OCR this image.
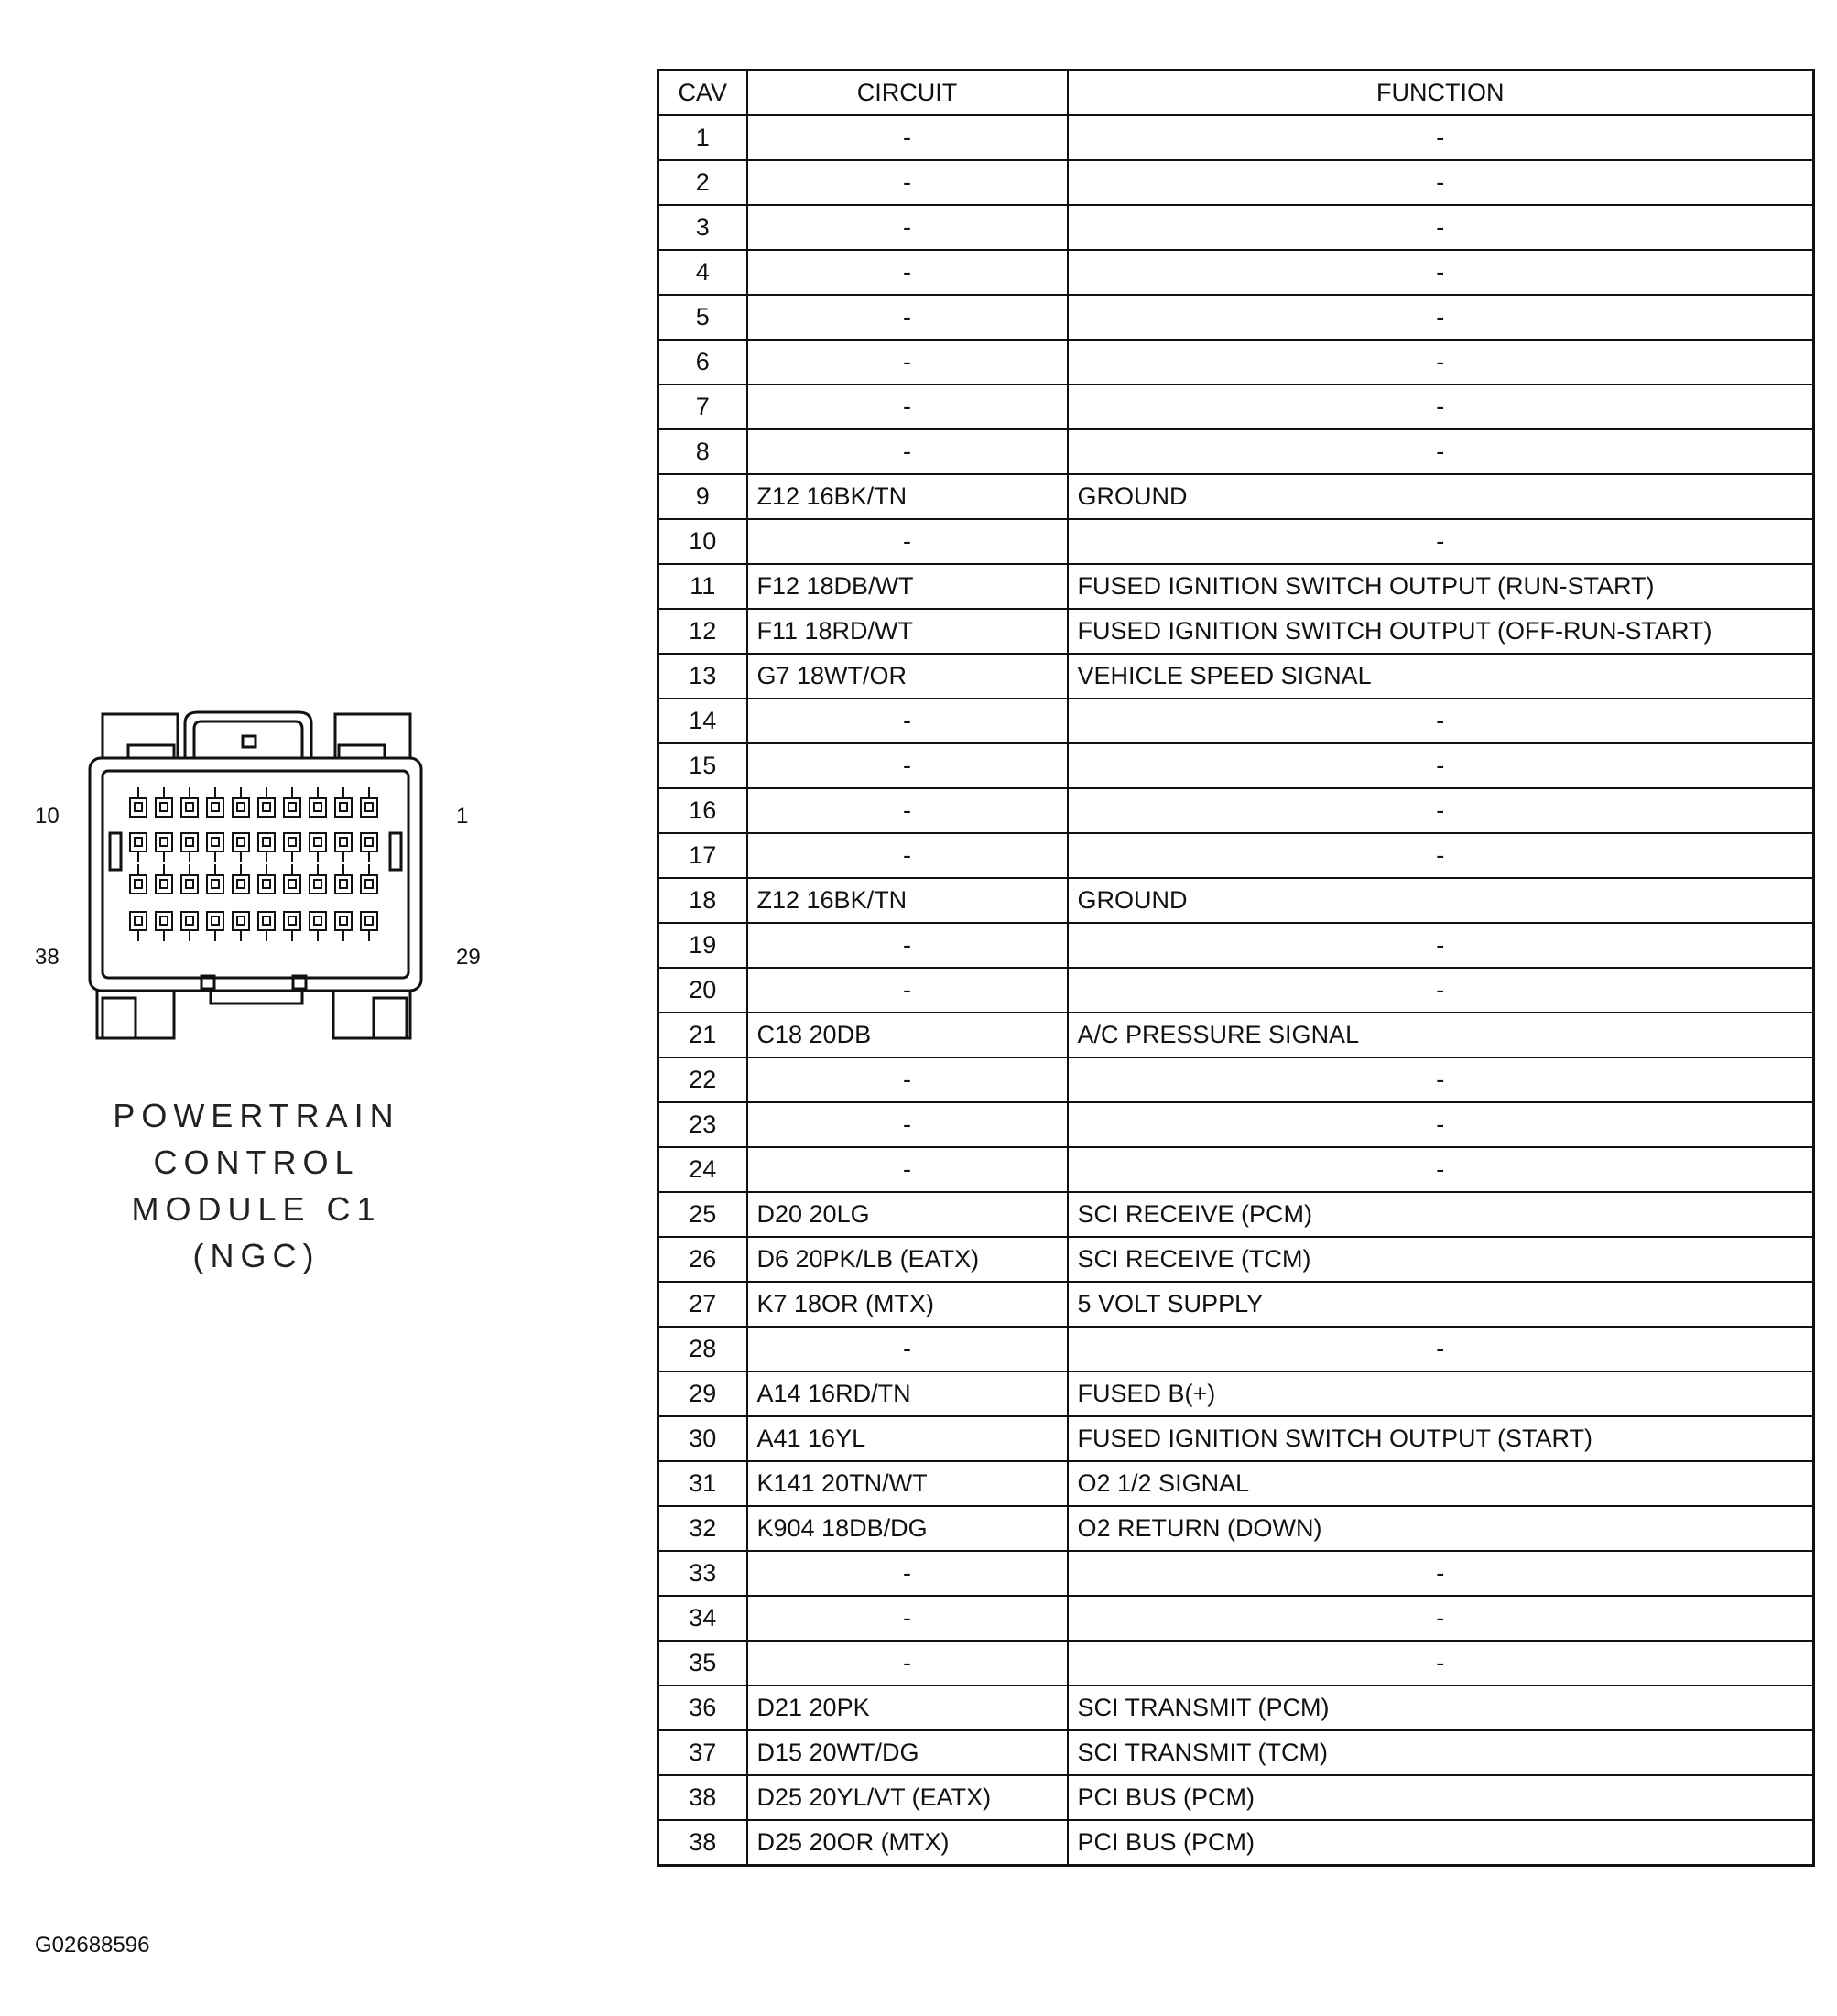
10	1
38	29
POWERTRAIN
CONTROL
MODULE C1
(NGC)
G02688596
CAV	CIRCUIT	FUNCTION
1	-	-
2	-	-
3	-	-
4	-	-
5	-	-
6	-	-
7	-	-
8	-	-
9	Z12 16BK/TN	GROUND
10	-	-
11	F12 18DB/WT	FUSED IGNITION SWITCH OUTPUT (RUN-START)
12	F11 18RD/WT	FUSED IGNITION SWITCH OUTPUT (OFF-RUN-START)
13	G7 18WT/OR	VEHICLE SPEED SIGNAL
14	-	-
15	-	-
16	-	-
17	-	-
18	Z12 16BK/TN	GROUND
19	-	-
20	-	-
21	C18 20DB	A/C PRESSURE SIGNAL
22	-	-
23	-	-
24	-	-
25	D20 20LG	SCI RECEIVE (PCM)
26	D6 20PK/LB (EATX)	SCI RECEIVE (TCM)
27	K7 18OR (MTX)	5 VOLT SUPPLY
28	-	-
29	A14 16RD/TN	FUSED B(+)
30	A41 16YL	FUSED IGNITION SWITCH OUTPUT (START)
31	K141 20TN/WT	O2 1/2 SIGNAL
32	K904 18DB/DG	O2 RETURN (DOWN)
33	-	-
34	-	-
35	-	-
36	D21 20PK	SCI TRANSMIT (PCM)
37	D15 20WT/DG	SCI TRANSMIT (TCM)
38	D25 20YL/VT (EATX)	PCI BUS (PCM)
38	D25 20OR (MTX)	PCI BUS (PCM)
